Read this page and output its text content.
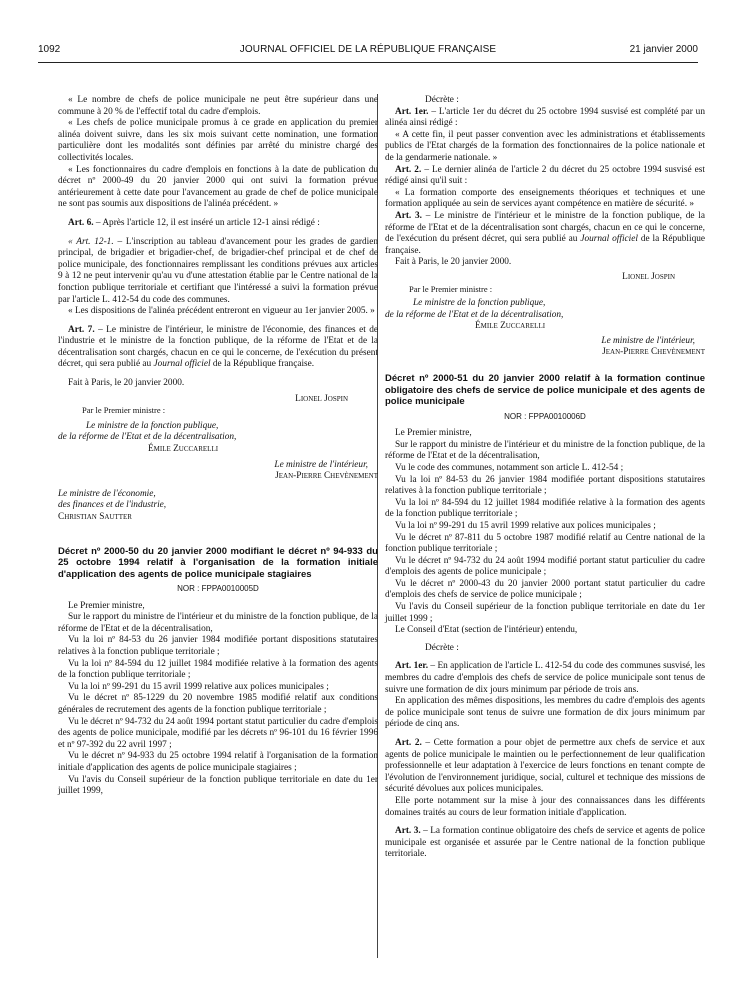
1092	JOURNAL OFFICIEL DE LA RÉPUBLIQUE FRANÇAISE	21 janvier 2000

« Le nombre de chefs de police municipale ne peut être supérieur dans une commune à 20 % de l'effectif total du cadre d'emplois.

« Les chefs de police municipale promus à ce grade en application du premier alinéa doivent suivre, dans les six mois suivant cette nomination, une formation particulière dont les modalités sont définies par arrêté du ministre chargé des collectivités locales.

« Les fonctionnaires du cadre d'emplois en fonctions à la date de publication du décret nº 2000-49 du 20 janvier 2000 qui ont suivi la formation prévue antérieurement à cette date pour l'avancement au grade de chef de police municipale ne sont pas soumis aux dispositions de l'alinéa précédent. »

Art. 6. – Après l'article 12, il est inséré un article 12-1 ainsi rédigé :

« Art. 12-1. – L'inscription au tableau d'avancement pour les grades de gardien principal, de brigadier et brigadier-chef, de brigadier-chef principal et de chef de police municipale, des fonctionnaires remplissant les conditions prévues aux articles 9 à 12 ne peut intervenir qu'au vu d'une attestation établie par le Centre national de la fonction publique territoriale et certifiant que l'intéressé a suivi la formation prévue par l'article L. 412-54 du code des communes.

« Les dispositions de l'alinéa précédent entreront en vigueur au 1er janvier 2005. »

Art. 7. – Le ministre de l'intérieur, le ministre de l'économie, des finances et de l'industrie et le ministre de la fonction publique, de la réforme de l'Etat et de la décentralisation sont chargés, chacun en ce qui le concerne, de l'exécution du présent décret, qui sera publié au Journal officiel de la République française.

Fait à Paris, le 20 janvier 2000.

Lionel Jospin

Par le Premier ministre :

Le ministre de la fonction publique,

de la réforme de l'Etat et de la décentralisation,

Émile Zuccarelli

Le ministre de l'intérieur,

Jean-Pierre Chevènement

Le ministre de l'économie,

des finances et de l'industrie,

Christian Sautter

Décret nº 2000-50 du 20 janvier 2000 modifiant le décret nº 94-933 du 25 octobre 1994 relatif à l'organisation de la formation initiale d'application des agents de police municipale stagiaires

NOR : FPPA0010005D

Le Premier ministre,

Sur le rapport du ministre de l'intérieur et du ministre de la fonction publique, de la réforme de l'Etat et de la décentralisation,

Vu la loi nº 84-53 du 26 janvier 1984 modifiée portant dispositions statutaires relatives à la fonction publique territoriale ;

Vu la loi nº 84-594 du 12 juillet 1984 modifiée relative à la formation des agents de la fonction publique territoriale ;

Vu la loi nº 99-291 du 15 avril 1999 relative aux polices municipales ;

Vu le décret nº 85-1229 du 20 novembre 1985 modifié relatif aux conditions générales de recrutement des agents de la fonction publique territoriale ;

Vu le décret nº 94-732 du 24 août 1994 portant statut particulier du cadre d'emplois des agents de police municipale, modifié par les décrets nº 96-101 du 16 février 1996 et nº 97-392 du 22 avril 1997 ;

Vu le décret nº 94-933 du 25 octobre 1994 relatif à l'organisation de la formation initiale d'application des agents de police municipale stagiaires ;

Vu l'avis du Conseil supérieur de la fonction publique territoriale en date du 1er juillet 1999,

Décrète :

Art. 1er. – L'article 1er du décret du 25 octobre 1994 susvisé est complété par un alinéa ainsi rédigé :

« A cette fin, il peut passer convention avec les administrations et établissements publics de l'Etat chargés de la formation des fonctionnaires de la police nationale et de la gendarmerie nationale. »

Art. 2. – Le dernier alinéa de l'article 2 du décret du 25 octobre 1994 susvisé est rédigé ainsi qu'il suit :

« La formation comporte des enseignements théoriques et techniques et une formation appliquée au sein de services ayant compétence en matière de sécurité. »

Art. 3. – Le ministre de l'intérieur et le ministre de la fonction publique, de la réforme de l'Etat et de la décentralisation sont chargés, chacun en ce qui le concerne, de l'exécution du présent décret, qui sera publié au Journal officiel de la République française.

Fait à Paris, le 20 janvier 2000.

Lionel Jospin

Par le Premier ministre :

Le ministre de la fonction publique,

de la réforme de l'Etat et de la décentralisation,

Émile Zuccarelli

Le ministre de l'intérieur,

Jean-Pierre Chevènement

Décret nº 2000-51 du 20 janvier 2000 relatif à la formation continue obligatoire des chefs de service de police municipale et des agents de police municipale

NOR : FPPA0010006D

Le Premier ministre,

Sur le rapport du ministre de l'intérieur et du ministre de la fonction publique, de la réforme de l'Etat et de la décentralisation,

Vu le code des communes, notamment son article L. 412-54 ;

Vu la loi nº 84-53 du 26 janvier 1984 modifiée portant dispositions statutaires relatives à la fonction publique territoriale ;

Vu la loi nº 84-594 du 12 juillet 1984 modifiée relative à la formation des agents de la fonction publique territoriale ;

Vu la loi nº 99-291 du 15 avril 1999 relative aux polices municipales ;

Vu le décret nº 87-811 du 5 octobre 1987 modifié relatif au Centre national de la fonction publique territoriale ;

Vu le décret nº 94-732 du 24 août 1994 modifié portant statut particulier du cadre d'emplois des agents de police municipale ;

Vu le décret nº 2000-43 du 20 janvier 2000 portant statut particulier du cadre d'emplois des chefs de service de police municipale ;

Vu l'avis du Conseil supérieur de la fonction publique territoriale en date du 1er juillet 1999 ;

Le Conseil d'Etat (section de l'intérieur) entendu,

Décrète :

Art. 1er. – En application de l'article L. 412-54 du code des communes susvisé, les membres du cadre d'emplois des chefs de service de police municipale sont tenus de suivre une formation de dix jours minimum par période de trois ans.

En application des mêmes dispositions, les membres du cadre d'emplois des agents de police municipale sont tenus de suivre une formation de dix jours minimum par période de cinq ans.

Art. 2. – Cette formation a pour objet de permettre aux chefs de service et aux agents de police municipale le maintien ou le perfectionnement de leur qualification professionnelle et leur adaptation à l'exercice de leurs fonctions en tenant compte de l'évolution de l'environnement juridique, social, culturel et technique des missions de sécurité dévolues aux polices municipales.

Elle porte notamment sur la mise à jour des connaissances dans les différents domaines traités au cours de leur formation initiale d'application.

Art. 3. – La formation continue obligatoire des chefs de service et agents de police municipale est organisée et assurée par le Centre national de la fonction publique territoriale.
